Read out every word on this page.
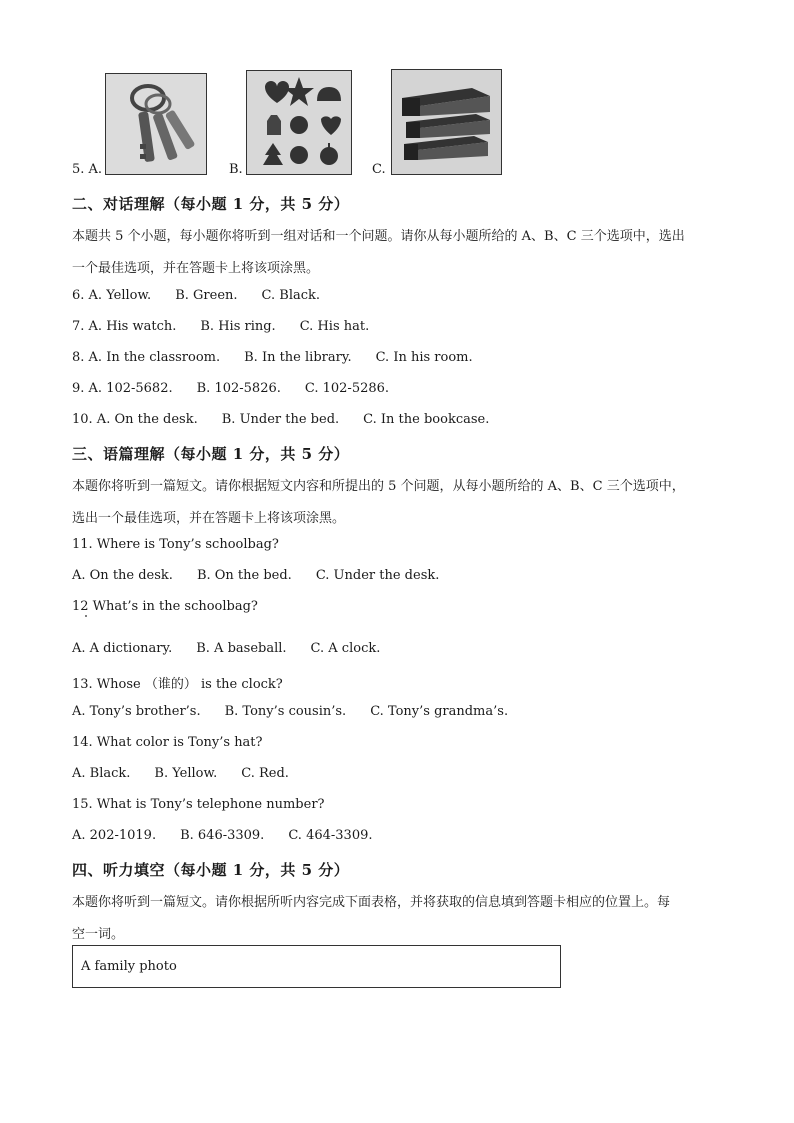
5. A.	B.	C.
二、对话理解（每小题 1 分，共 5 分）
本题共 5 个小题，每小题你将听到一组对话和一个问题。请你从每小题所给的 A、B、C 三个选项中，选出
一个最佳选项，并在答题卡上将该项涂黑。
6. A. Yellow. B. Green. C. Black.
7. A. His watch. B. His ring. C. His hat.
8. A. In the classroom. B. In the library. C. In his room.
9. A. 102-5682. B. 102-5826. C. 102-5286.
10. A. On the desk. B. Under the bed. C. In the bookcase.
三、语篇理解（每小题 1 分，共 5 分）
本题你将听到一篇短文。请你根据短文内容和所提出的 5 个问题，从每小题所给的 A、B、C 三个选项中，
选出一个最佳选项，并在答题卡上将该项涂黑。
11. Where is Tony’s schoolbag?
A. On the desk. B. On the bed. C. Under the desk.
12 What’s in the schoolbag?
A. A dictionary. B. A baseball. C. A clock.
13. Whose （谁的） is the clock?
A. Tony’s brother’s. B. Tony’s cousin’s. C. Tony’s grandma’s.
14. What color is Tony’s hat?
A. Black. B. Yellow. C. Red.
15. What is Tony’s telephone number?
A. 202-1019. B. 646-3309. C. 464-3309.
四、听力填空（每小题 1 分，共 5 分）
本题你将听到一篇短文。请你根据所听内容完成下面表格，并将获取的信息填到答题卡相应的位置上。每
空一词。
A family photo
